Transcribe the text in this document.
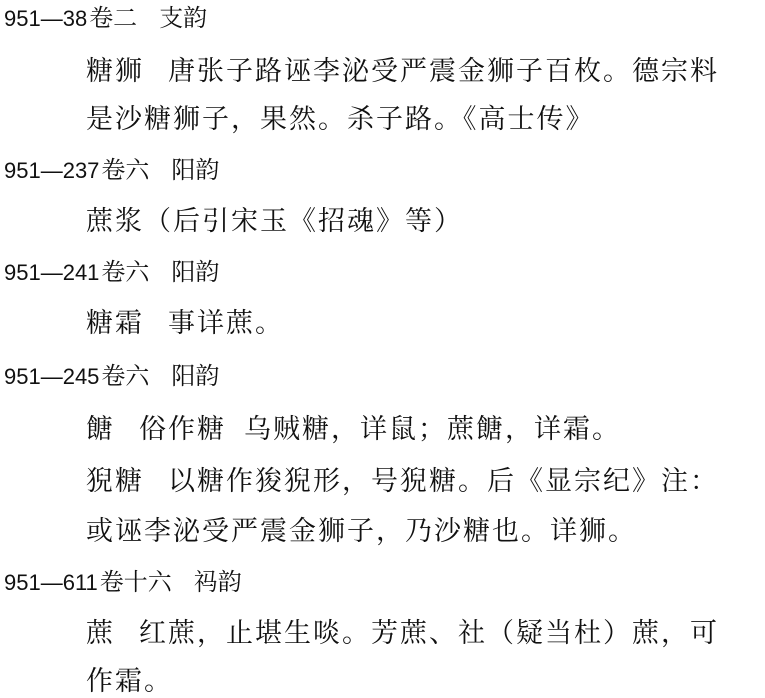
951—38卷二 支韵
糖狮 唐张子路诬李泌受严震金狮子百枚。德宗料
是沙糖狮子，果然。杀子路。《高士传》
951—237卷六 阳韵
蔗浆（后引宋玉《招魂》等）
951—241卷六 阳韵
糖霜 事详蔗。
951—245卷六 阳韵
餹 俗作糖 乌贼糖，详鼠；蔗餹，详霜。
猊糖 以糖作狻猊形，号猊糖。后《显宗纪》注：
或诬李泌受严震金狮子，乃沙糖也。详狮。
951—611卷十六 祃韵
蔗 红蔗，止堪生啖。芳蔗、社（疑当杜）蔗，可
作霜。
